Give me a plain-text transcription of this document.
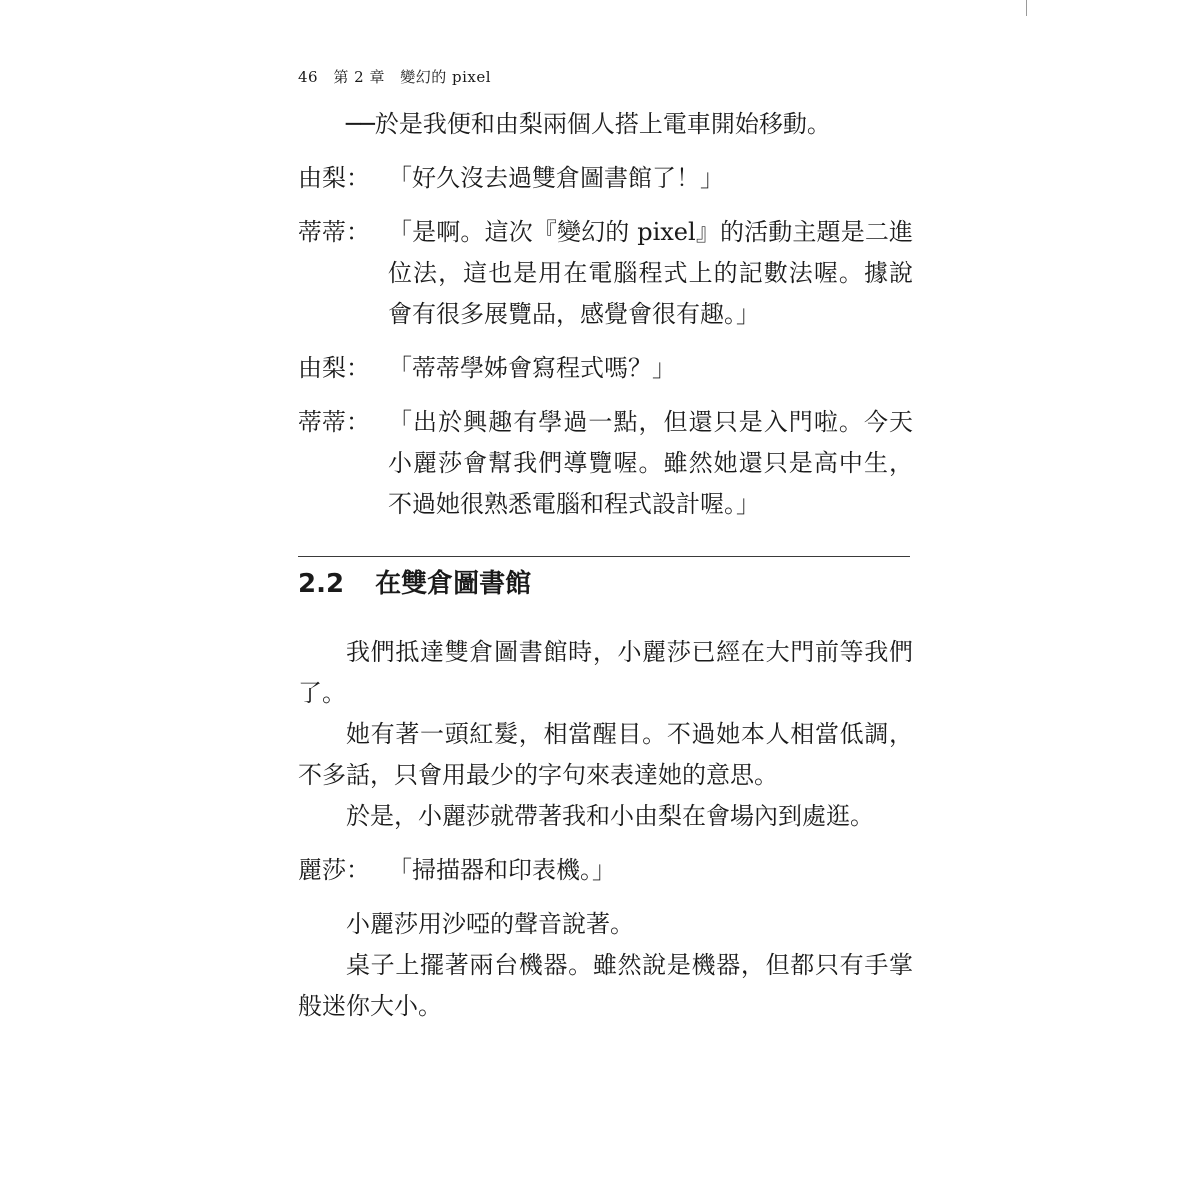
46 第 2 章 變幻的 pixel

──於是我便和由梨兩個人搭上電車開始移動。

由梨： 「好久沒去過雙倉圖書館了！」
蒂蒂： 「是啊。這次『變幻的 pixel』的活動主題是二進位法，這也是用在電腦程式上的記數法喔。據說會有很多展覽品，感覺會很有趣。」
由梨： 「蒂蒂學姊會寫程式嗎？」
蒂蒂： 「出於興趣有學過一點，但還只是入門啦。今天小麗莎會幫我們導覽喔。雖然她還只是高中生，不過她很熟悉電腦和程式設計喔。」
2.2 在雙倉圖書館

我們抵達雙倉圖書館時，小麗莎已經在大門前等我們了。

她有著一頭紅髮，相當醒目。不過她本人相當低調，不多話，只會用最少的字句來表達她的意思。

於是，小麗莎就帶著我和小由梨在會場內到處逛。

麗莎： 「掃描器和印表機。」

小麗莎用沙啞的聲音說著。

桌子上擺著兩台機器。雖然說是機器，但都只有手掌般迷你大小。
